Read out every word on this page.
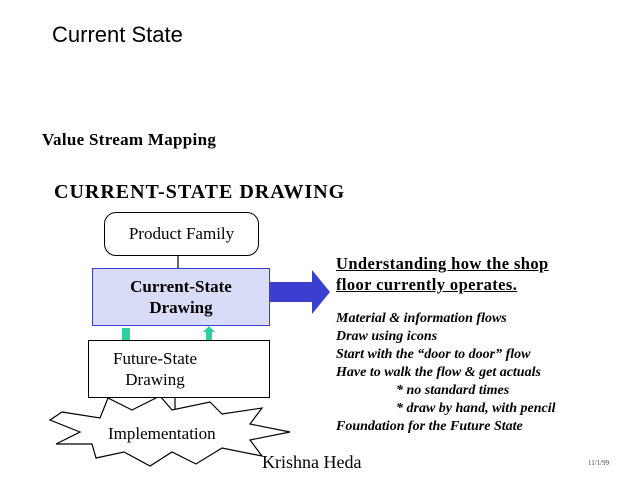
Current State
Value Stream Mapping
CURRENT-STATE DRAWING
Product Family
Current-State
Drawing
Future-State
Drawing
Implementation
Understanding how the shop
floor currently operates.
Material & information flows
Draw using icons
Start with the “door to door” flow
Have to walk the flow & get actuals
* no standard times
* draw by hand, with pencil
Foundation for the Future State
Krishna Heda	11/1/99
